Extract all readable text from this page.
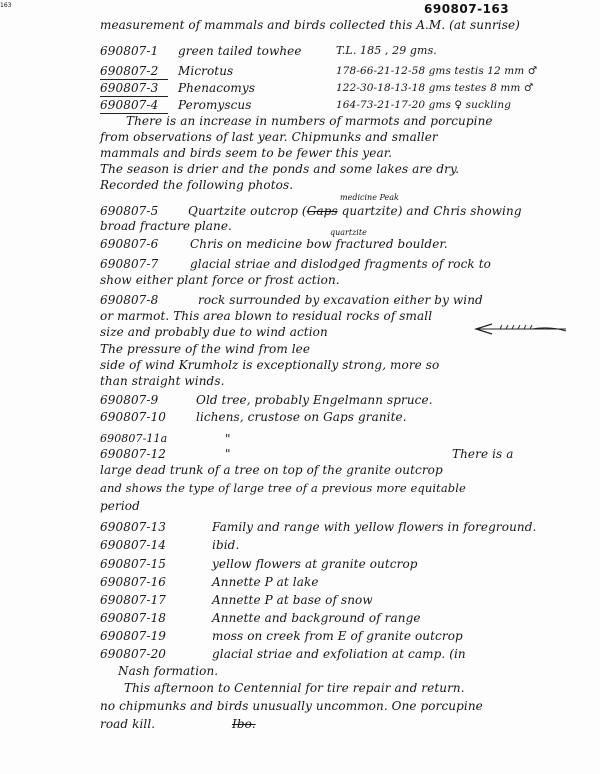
690807-163
163
measurement of mammals and birds collected this A.M. (at sunrise)
690807-1 green tailed towhee	T.L. 185 , 29 gms.
690807-2 Microtus	178-66-21-12-58 gms testis 12 mm ♂
690807-3 Phenacomys	122-30-18-13-18 gms testes 8 mm ♂
690807-4 Peromyscus	164-73-21-17-20 gms ♀ suckling
There is an increase in numbers of marmots and porcupine
from observations of last year. Chipmunks and smaller
mammals and birds seem to be fewer this year.
The season is drier and the ponds and some lakes are dry.
Recorded the following photos.
medicine Peak
690807-5 Quartzite outcrop (Gaps quartzite) and Chris showing
broad fracture plane.	quartzite
690807-6	Chris on medicine bow fractured boulder.
690807-7	glacial striae and dislodged fragments of rock to
show either plant force or frost action.
690807-8	rock surrounded by excavation either by wind
or marmot. This area blown to residual rocks of small
size and probably due to wind action
The pressure of the wind from lee
side of wind Krumholz is exceptionally strong, more so
than straight winds.
690807-9	Old tree, probably Engelmann spruce.
690807-10 lichens, crustose on Gaps granite.
690807-11a	"
690807-12	"	There is a
large dead trunk of a tree on top of the granite outcrop
and shows the type of large tree of a previous more equitable
period
690807-13	Family and range with yellow flowers in foreground.
690807-14	ibid.
690807-15	yellow flowers at granite outcrop
690807-16	Annette P at lake
690807-17	Annette P at base of snow
690807-18	Annette and background of range
690807-19	moss on creek from E of granite outcrop
690807-20	glacial striae and exfoliation at camp. (in
Nash formation.
This afternoon to Centennial for tire repair and return.
no chipmunks and birds unusually uncommon. One porcupine
road kill.	Ibo.
